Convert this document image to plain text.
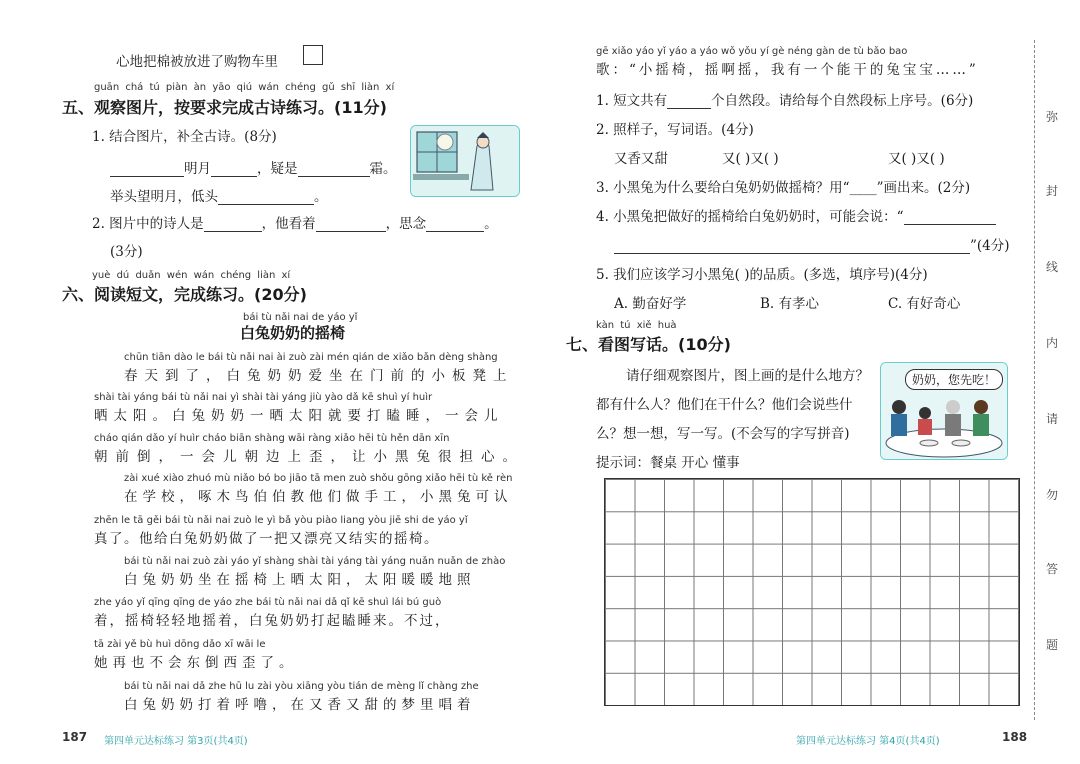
心地把棉被放进了购物车里
guān chá tú piàn àn yāo qiú wán chéng gǔ shī liàn xí
五、观察图片，按要求完成古诗练习。(11分)
1. 结合图片，补全古诗。(8分)
明月	，疑是	霜。
举头望明月，低头	。
2. 图片中的诗人是	，他看着	，思念	。
(3分)
yuè dú duǎn wén wán chéng liàn xí
六、阅读短文，完成练习。(20分)
bái tù nǎi nai de yáo yǐ
白兔奶奶的摇椅
chūn tiān dào le bái tù nǎi nai ài zuò zài mén qián de xiǎo bǎn dèng shàng
春天到了，白兔奶奶爱坐在门前的小板凳上
shài tài yáng bái tù nǎi nai yì shài tài yáng jiù yào dǎ kē shuì yí huìr
晒太阳。白兔奶奶一晒太阳就要打瞌睡，一会儿
cháo qián dǎo yí huìr cháo biān shàng wāi ràng xiǎo hēi tù hěn dān xīn
朝前倒，一会儿朝边上歪，让小黑兔很担心。
zài xué xiào zhuó mù niǎo bó bo jiāo tā men zuò shǒu gōng xiǎo hēi tù kě rèn
在学校，啄木鸟伯伯教他们做手工，小黑兔可认
zhēn le tā gěi bái tù nǎi nai zuò le yì bǎ yòu piào liang yòu jiē shi de yáo yǐ
真了。他给白兔奶奶做了一把又漂亮又结实的摇椅。
bái tù nǎi nai zuò zài yáo yǐ shàng shài tài yáng tài yáng nuǎn nuǎn de zhào
白兔奶奶坐在摇椅上晒太阳，太阳暖暖地照
zhe yáo yǐ qīng qīng de yáo zhe bái tù nǎi nai dǎ qǐ kē shuì lái bú guò
着，摇椅轻轻地摇着，白兔奶奶打起瞌睡来。不过，
tā zài yě bù huì dōng dǎo xī wāi le
她再也不会东倒西歪了。
bái tù nǎi nai dǎ zhe hū lu zài yòu xiāng yòu tián de mèng lǐ chàng zhe
白兔奶奶打着呼噜，在又香又甜的梦里唱着
187 第四单元达标练习 第3页(共4页)
gē xiǎo yáo yǐ yáo a yáo wǒ yǒu yí gè néng gàn de tù bǎo bao
歌：“小摇椅，摇啊摇，我有一个能干的兔宝宝……”
1. 短文共有	个自然段。请给每个自然段标上序号。(6分)
2. 照样子，写词语。(4分)
又香又甜	又( )又( )	又( )又( )
3. 小黑兔为什么要给白兔奶奶做摇椅？用“____”画出来。(2分)
4. 小黑兔把做好的摇椅给白兔奶奶时，可能会说：“
”(4分)
5. 我们应该学习小黑兔( )的品质。(多选，填序号)(4分)
A. 勤奋好学	B. 有孝心	C. 有好奇心
kàn tú xiě huà
七、看图写话。(10分)
请仔细观察图片，图上画的是什么地方？
都有什么人？他们在干什么？他们会说些什
么？想一想，写一写。(不会写的字写拼音)
提示词：餐桌 开心 懂事
奶奶，您先吃！
弥
封
线
内
请
勿
答
题
第四单元达标练习 第4页(共4页)	188
